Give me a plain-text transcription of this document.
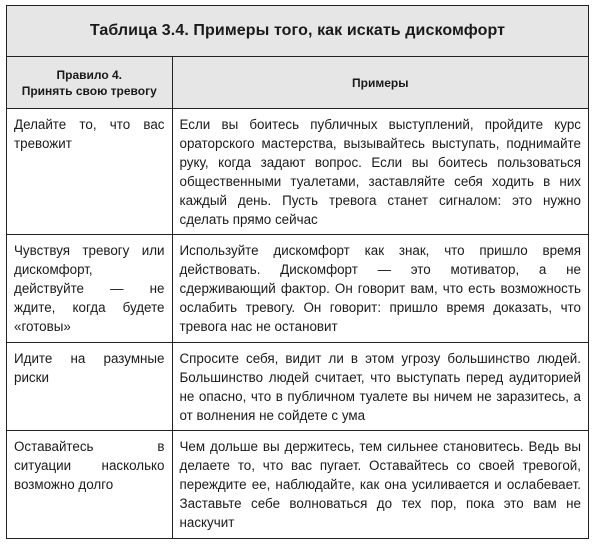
Таблица 3.4. Примеры того, как искать дискомфорт
Правило 4.
Принять свою тревогу	Примеры
Делайте то, что вас тревожит	Если вы боитесь публичных выступлений, пройдите курс ораторского мастерства, вызывайтесь выступать, поднимайте руку, когда задают вопрос. Если вы боитесь пользоваться общественными туалетами, заставляйте себя ходить в них каждый день. Пусть тревога станет сигналом: это нужно сделать прямо сейчас
Чувствуя тревогу или дискомфорт, действуйте — не ждите, когда будете «готовы»	Используйте дискомфорт как знак, что пришло время действовать. Дискомфорт — это мотиватор, а не сдерживающий фактор. Он говорит вам, что есть возможность ослабить тревогу. Он говорит: пришло время доказать, что тревога нас не остановит
Идите на разумные риски	Спросите себя, видит ли в этом угрозу большинство людей. Большинство людей считает, что выступать перед аудиторией не опасно, что в публичном туалете вы ничем не заразитесь, а от волнения не сойдете с ума
Оставайтесь в ситуации насколько возможно долго	Чем дольше вы держитесь, тем сильнее становитесь. Ведь вы делаете то, что вас пугает. Оставайтесь со своей тревогой, переждите ее, наблюдайте, как она усиливается и ослабевает. Заставьте себе волноваться до тех пор, пока это вам не наскучит
